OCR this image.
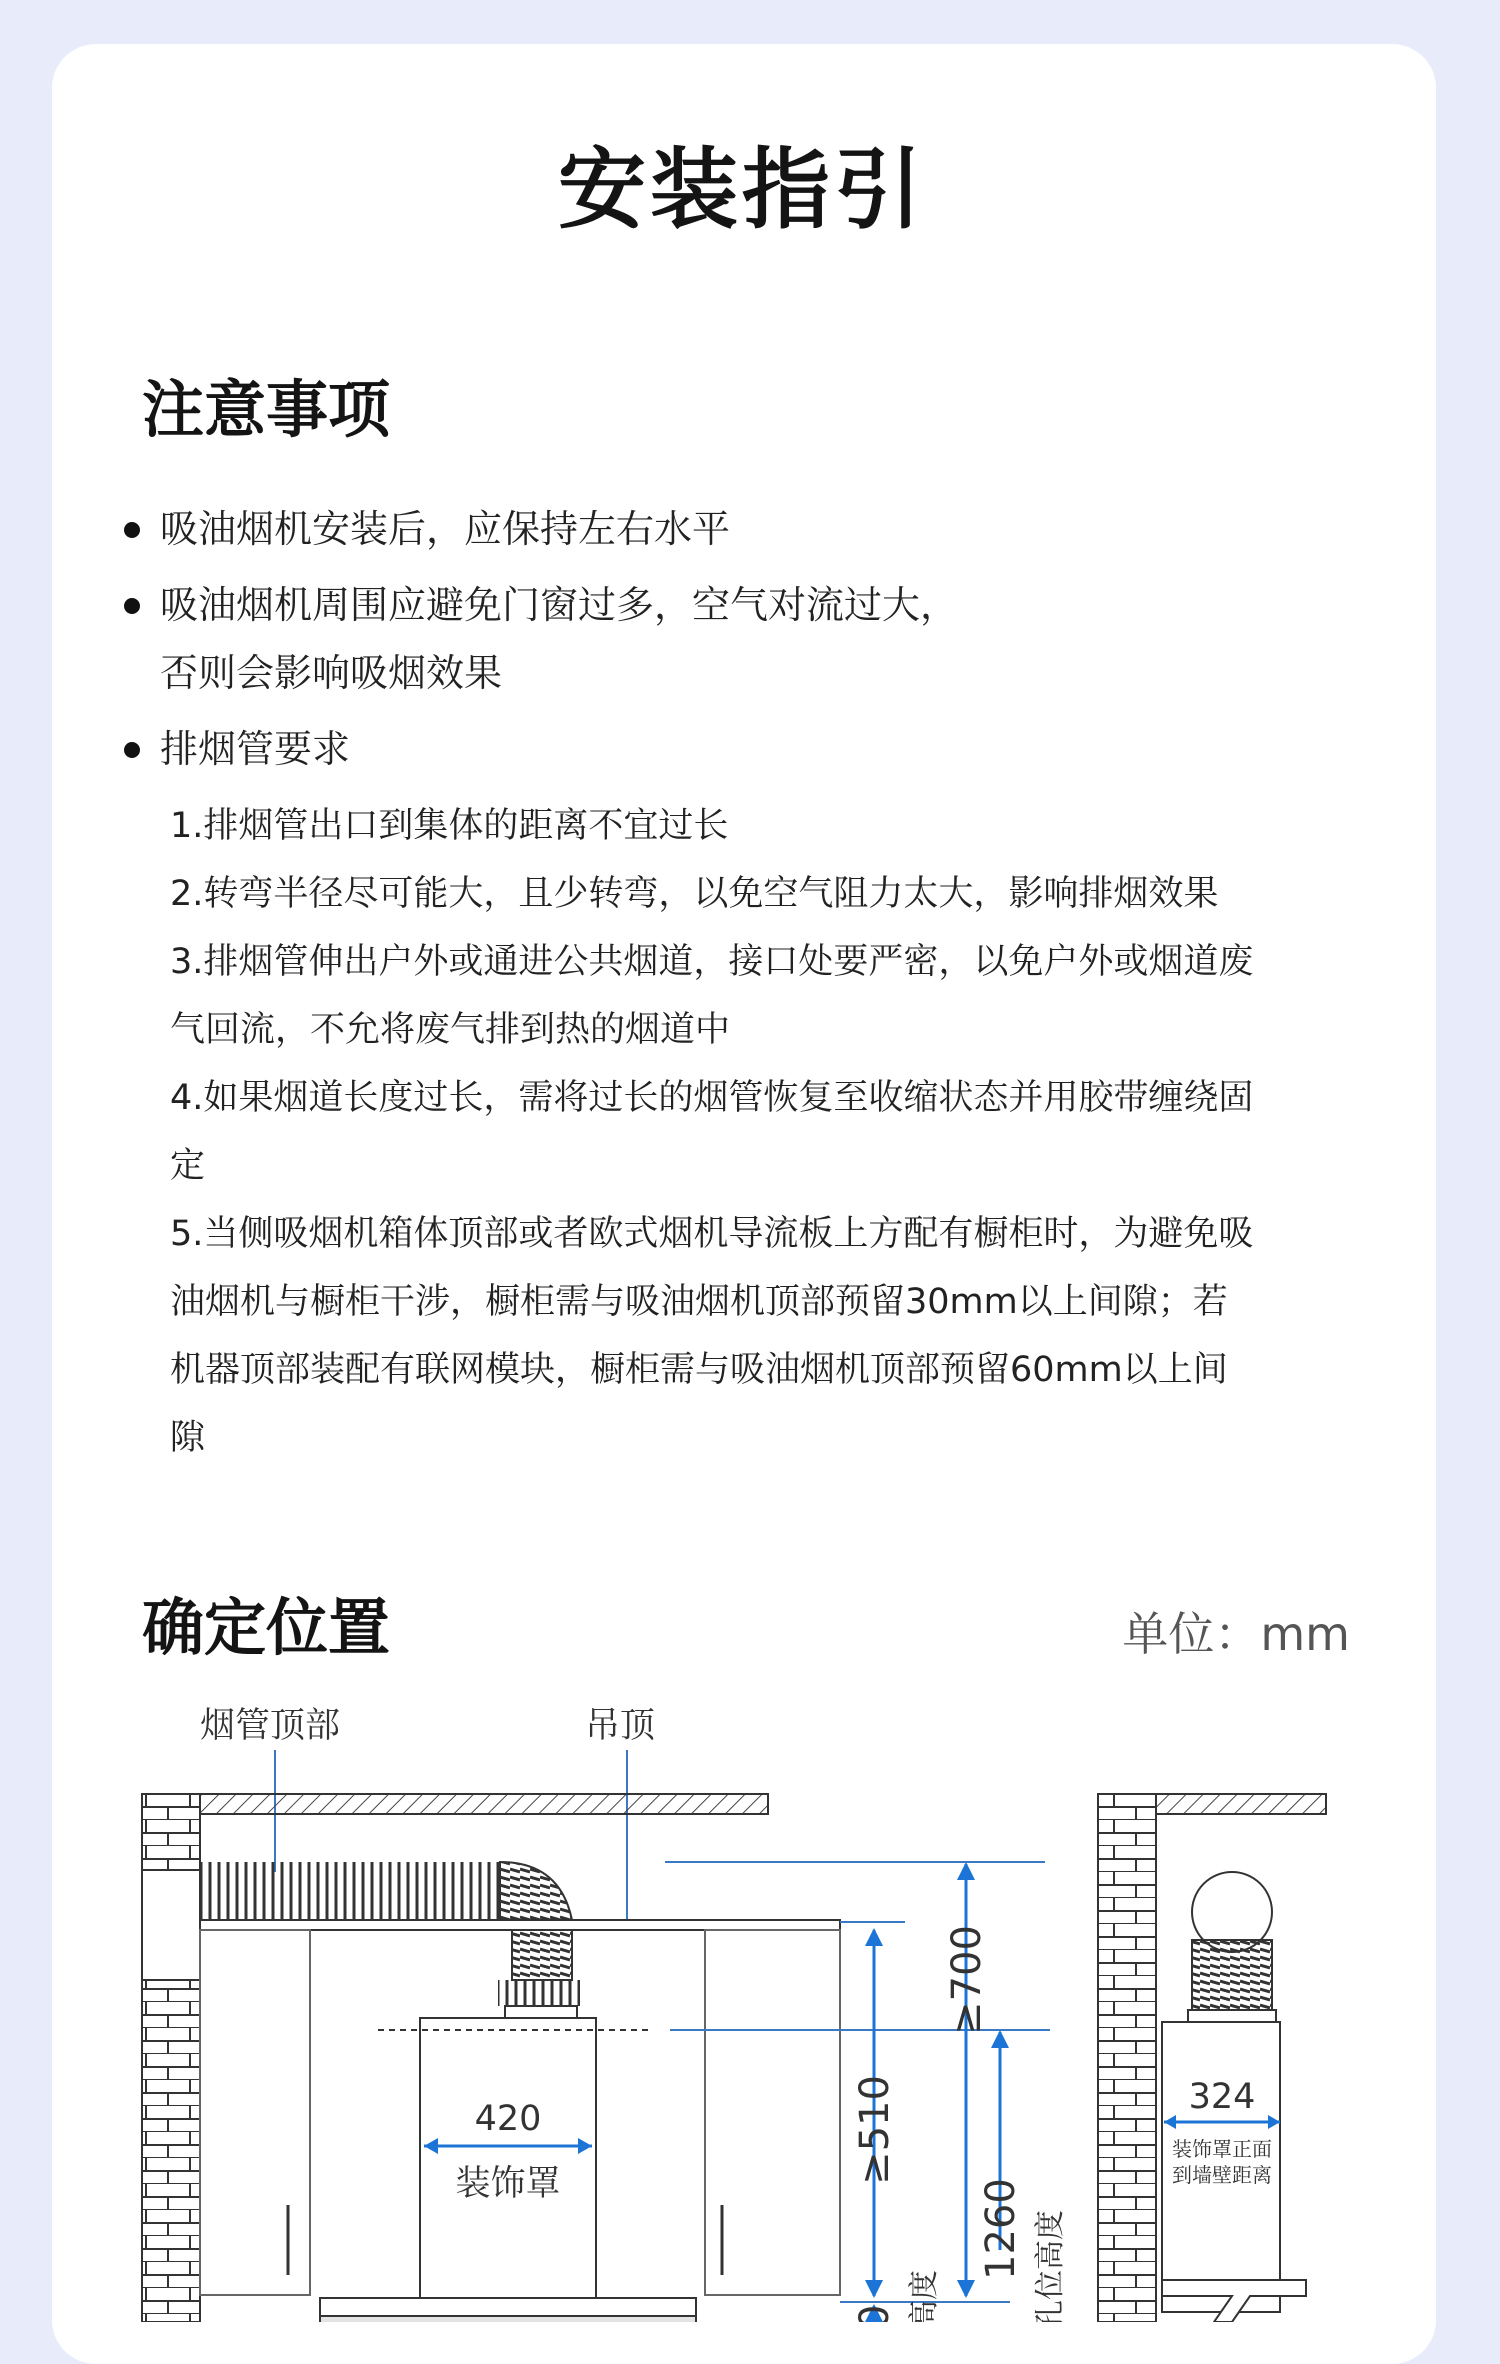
安装指引
注意事项
吸油烟机安装后，应保持左右水平
吸油烟机周围应避免门窗过多，空气对流过大，
否则会影响吸烟效果
排烟管要求
1.排烟管出口到集体的距离不宜过长
2.转弯半径尽可能大，且少转弯，以免空气阻力太大，影响排烟效果
3.排烟管伸出户外或通进公共烟道，接口处要严密，以免户外或烟道废
气回流，不允将废气排到热的烟道中
4.如果烟道长度过长，需将过长的烟管恢复至收缩状态并用胶带缠绕固
定
5.当侧吸烟机箱体顶部或者欧式烟机导流板上方配有橱柜时，为避免吸
油烟机与橱柜干涉，橱柜需与吸油烟机顶部预留30mm以上间隙；若
机器顶部装配有联网模块，橱柜需与吸油烟机顶部预留60mm以上间
隙
确定位置	单位：mm
烟管顶部	吊顶
420
装饰罩	≥510
≥700
1260 孔位高度
高度
0
324
装饰罩正面
到墙壁距离
